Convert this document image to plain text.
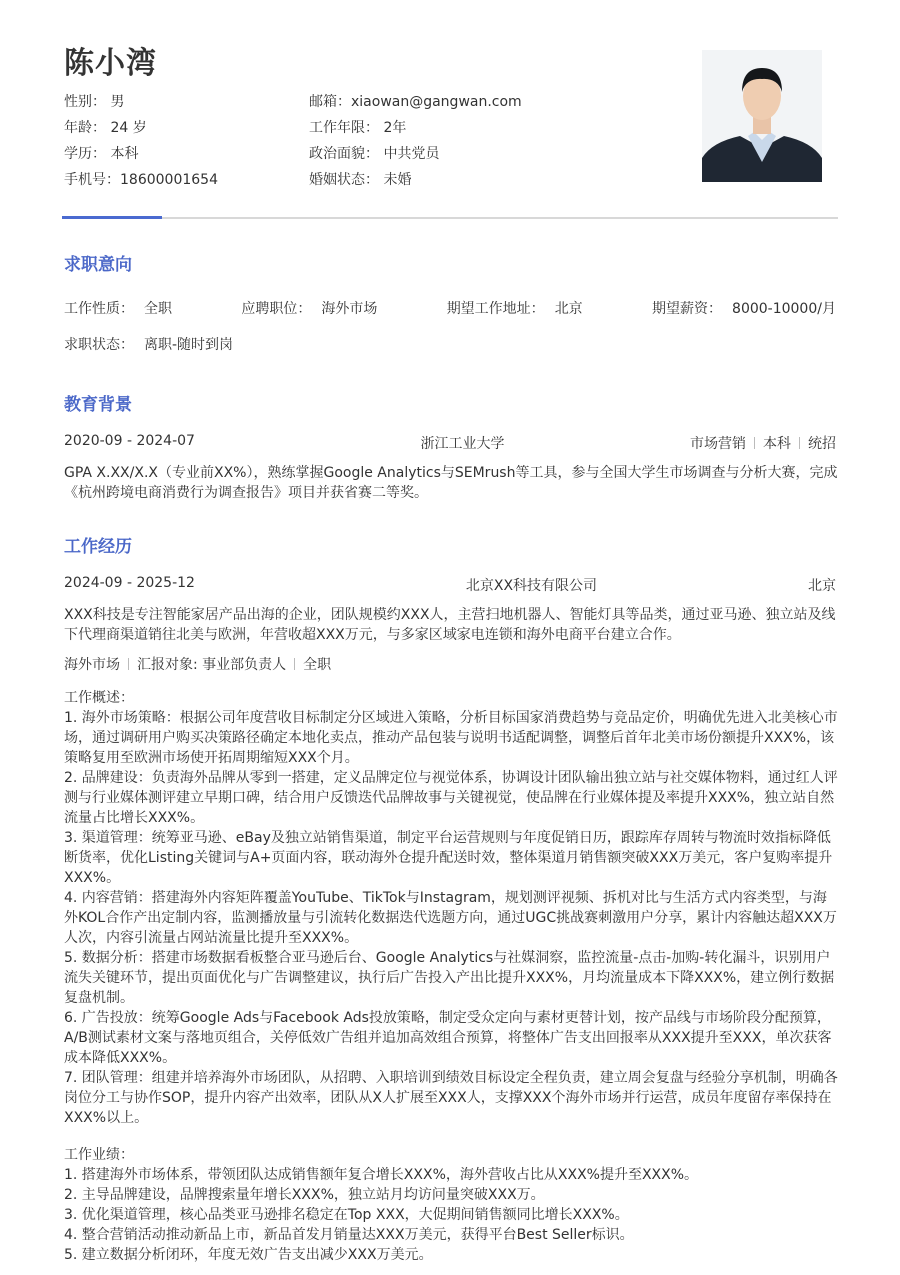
陈小湾
性别： 男	邮箱：xiaowan@gangwan.com
年龄： 24 岁	工作年限： 2年
学历： 本科	政治面貌： 中共党员
手机号：18600001654	婚姻状态： 未婚
求职意向
工作性质： 全职	应聘职位： 海外市场	期望工作地址： 北京	期望薪资： 8000-10000/月
求职状态： 离职-随时到岗
教育背景
2020-09 - 2024-07	浙江工业大学	市场营销 本科 统招
GPA X.XX/X.X（专业前XX%），熟练掌握Google Analytics与SEMrush等工具，参与全国大学生市场调查与分析大赛，完成《杭州跨境电商消费行为调查报告》项目并获省赛二等奖。
工作经历
2024-09 - 2025-12	北京XX科技有限公司	北京
XXX科技是专注智能家居产品出海的企业，团队规模约XXX人，主营扫地机器人、智能灯具等品类，通过亚马逊、独立站及线下代理商渠道销往北美与欧洲，年营收超XXX万元，与多家区域家电连锁和海外电商平台建立合作。
海外市场 汇报对象: 事业部负责人 全职
工作概述：
1. 海外市场策略：根据公司年度营收目标制定分区域进入策略，分析目标国家消费趋势与竞品定价，明确优先进入北美核心市场，通过调研用户购买决策路径确定本地化卖点，推动产品包装与说明书适配调整，调整后首年北美市场份额提升XXX%，该策略复用至欧洲市场使开拓周期缩短XXX个月。
2. 品牌建设：负责海外品牌从零到一搭建，定义品牌定位与视觉体系，协调设计团队输出独立站与社交媒体物料，通过红人评测与行业媒体测评建立早期口碑，结合用户反馈迭代品牌故事与关键视觉，使品牌在行业媒体提及率提升XXX%，独立站自然流量占比增长XXX%。
3. 渠道管理：统筹亚马逊、eBay及独立站销售渠道，制定平台运营规则与年度促销日历，跟踪库存周转与物流时效指标降低断货率，优化Listing关键词与A+页面内容，联动海外仓提升配送时效，整体渠道月销售额突破XXX万美元，客户复购率提升XXX%。
4. 内容营销：搭建海外内容矩阵覆盖YouTube、TikTok与Instagram，规划测评视频、拆机对比与生活方式内容类型，与海外KOL合作产出定制内容，监测播放量与引流转化数据迭代选题方向，通过UGC挑战赛刺激用户分享，累计内容触达超XXX万人次，内容引流量占网站流量比提升至XXX%。
5. 数据分析：搭建市场数据看板整合亚马逊后台、Google Analytics与社媒洞察，监控流量-点击-加购-转化漏斗，识别用户流失关键环节，提出页面优化与广告调整建议，执行后广告投入产出比提升XXX%，月均流量成本下降XXX%，建立例行数据复盘机制。
6. 广告投放：统筹Google Ads与Facebook Ads投放策略，制定受众定向与素材更替计划，按产品线与市场阶段分配预算，A/B测试素材文案与落地页组合，关停低效广告组并追加高效组合预算，将整体广告支出回报率从XXX提升至XXX，单次获客成本降低XXX%。
7. 团队管理：组建并培养海外市场团队，从招聘、入职培训到绩效目标设定全程负责，建立周会复盘与经验分享机制，明确各岗位分工与协作SOP，提升内容产出效率，团队从X人扩展至XXX人，支撑XXX个海外市场并行运营，成员年度留存率保持在XXX%以上。
工作业绩：
1. 搭建海外市场体系，带领团队达成销售额年复合增长XXX%，海外营收占比从XXX%提升至XXX%。
2. 主导品牌建设，品牌搜索量年增长XXX%，独立站月均访问量突破XXX万。
3. 优化渠道管理，核心品类亚马逊排名稳定在Top XXX，大促期间销售额同比增长XXX%。
4. 整合营销活动推动新品上市，新品首发月销量达XXX万美元，获得平台Best Seller标识。
5. 建立数据分析闭环，年度无效广告支出减少XXX万美元。
